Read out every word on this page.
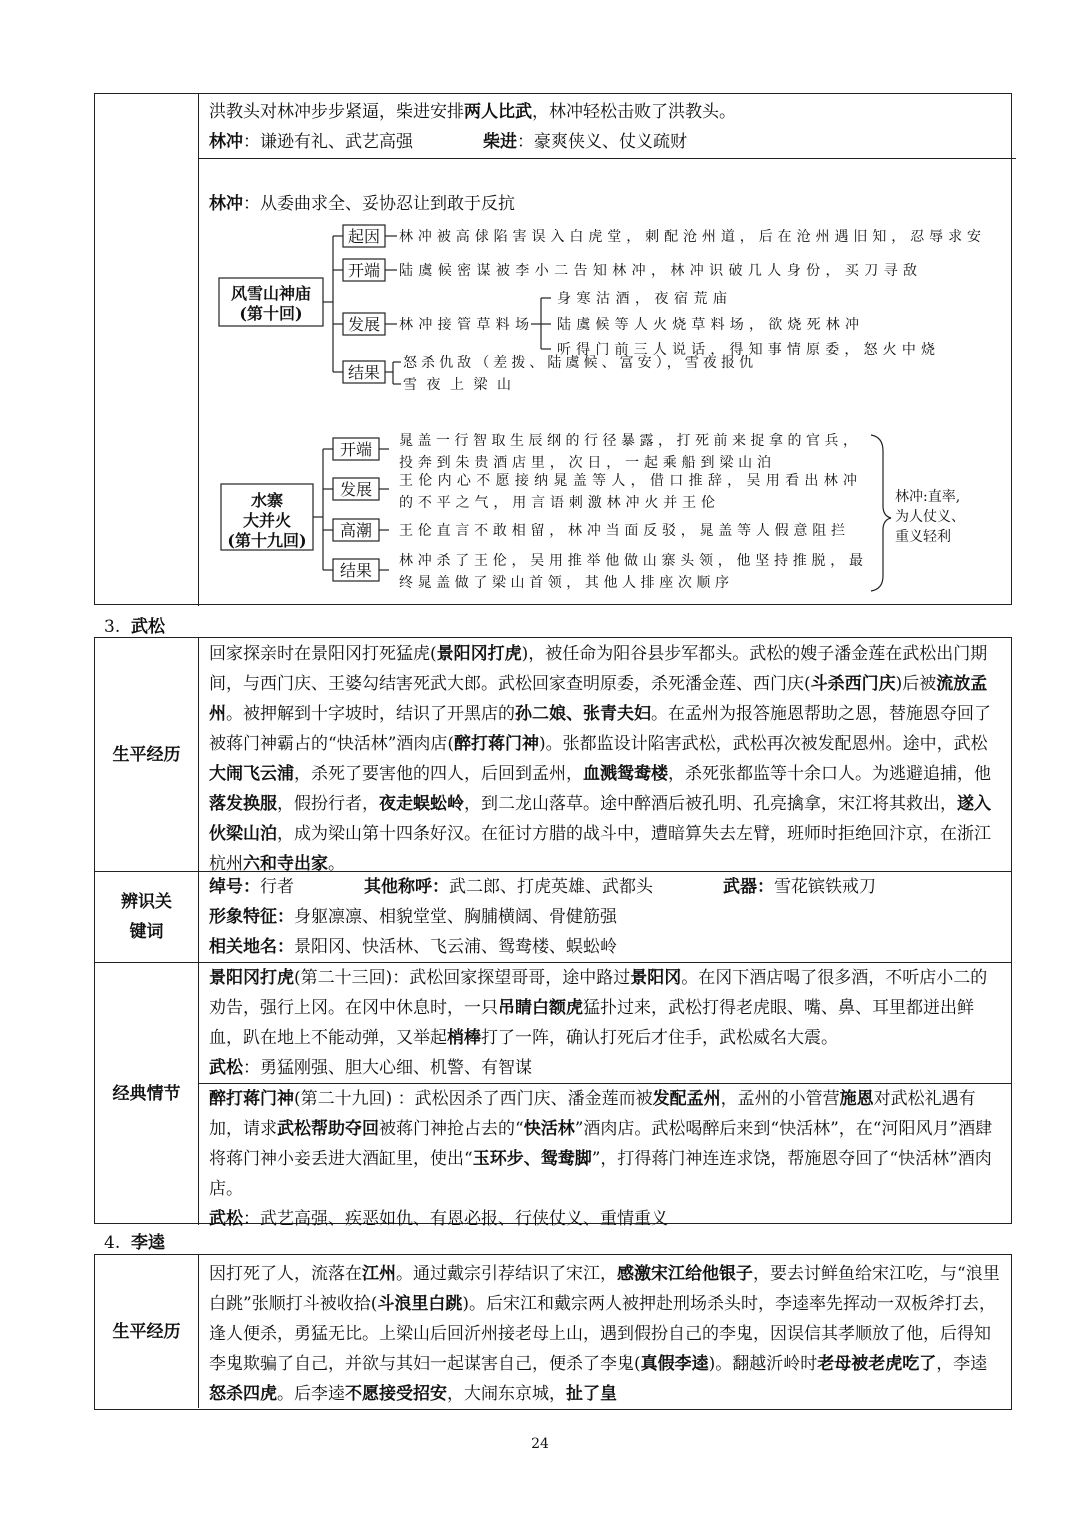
洪教头对林冲步步紧逼，柴进安排两人比武，林冲轻松击败了洪教头。
林冲：谦逊有礼、武艺高强	柴进：豪爽侠义、仗义疏财
林冲：从委曲求全、妥协忍让到敢于反抗
风雪山神庙
(第十回)
起因
开端
发展
结果
林冲被高俅陷害误入白虎堂，刺配沧州道，后在沧州遇旧知，忍辱求安
陆虞候密谋被李小二告知林冲，林冲识破几人身份，买刀寻敌
林冲接管草料场
身寒沽酒，夜宿荒庙
陆虞候等人火烧草料场，欲烧死林冲
听得门前三人说话，得知事情原委，怒火中烧
怒杀仇敌（差拨、陆虞候、富安），雪夜报仇
雪夜上梁山
水寨
大并火
(第十九回)
开端
发展
高潮
结果
晁盖一行智取生辰纲的行径暴露，打死前来捉拿的官兵，
投奔到朱贵酒店里，次日，一起乘船到梁山泊
王伦内心不愿接纳晁盖等人，借口推辞，吴用看出林冲
的不平之气，用言语刺激林冲火并王伦
王伦直言不敢相留，林冲当面反驳，晁盖等人假意阻拦
林冲杀了王伦，吴用推举他做山寨头领，他坚持推脱，最
终晁盖做了梁山首领，其他人排座次顺序
林冲:直率,
为人仗义、
重义轻利
3. 武松
生平经历
回家探亲时在景阳冈打死猛虎(景阳冈打虎)，被任命为阳谷县步军都头。武松的嫂子潘金莲在武松出门期间，与西门庆、王婆勾结害死武大郎。武松回家查明原委，杀死潘金莲、西门庆(斗杀西门庆)后被流放孟州。被押解到十字坡时，结识了开黑店的孙二娘、张青夫妇。在孟州为报答施恩帮助之恩，替施恩夺回了被蒋门神霸占的“快活林”酒肉店(醉打蒋门神)。张都监设计陷害武松，武松再次被发配恩州。途中，武松大闹飞云浦，杀死了要害他的四人，后回到孟州，血溅鸳鸯楼，杀死张都监等十余口人。为逃避追捕，他落发换服，假扮行者，夜走蜈蚣岭，到二龙山落草。途中醉酒后被孔明、孔亮擒拿，宋江将其救出，遂入伙梁山泊，成为梁山第十四条好汉。在征讨方腊的战斗中，遭暗算失去左臂，班师时拒绝回汴京，在浙江杭州六和寺出家。
辨识关
键词
绰号：行者	其他称呼：武二郎、打虎英雄、武都头	武器：雪花镔铁戒刀
形象特征：身躯凛凛、相貌堂堂、胸脯横阔、骨健筋强
相关地名：景阳冈、快活林、飞云浦、鸳鸯楼、蜈蚣岭
经典情节
景阳冈打虎(第二十三回)：武松回家探望哥哥，途中路过景阳冈。在冈下酒店喝了很多酒，不听店小二的劝告，强行上冈。在冈中休息时，一只吊睛白额虎猛扑过来，武松打得老虎眼、嘴、鼻、耳里都迸出鲜血，趴在地上不能动弹，又举起梢棒打了一阵，确认打死后才住手，武松威名大震。
武松：勇猛刚强、胆大心细、机警、有智谋
醉打蒋门神(第二十九回) ：武松因杀了西门庆、潘金莲而被发配孟州，孟州的小管营施恩对武松礼遇有加，请求武松帮助夺回被蒋门神抢占去的“快活林”酒肉店。武松喝醉后来到“快活林”，在“河阳风月”酒肆将蒋门神小妾丢进大酒缸里，使出“玉环步、鸳鸯脚”，打得蒋门神连连求饶，帮施恩夺回了“快活林”酒肉店。
武松：武艺高强、疾恶如仇、有恩必报、行侠仗义、重情重义
4. 李逵
生平经历
因打死了人，流落在江州。通过戴宗引荐结识了宋江，感激宋江给他银子，要去讨鲜鱼给宋江吃，与“浪里白跳”张顺打斗被收拾(斗浪里白跳)。后宋江和戴宗两人被押赴刑场杀头时，李逵率先挥动一双板斧打去，逢人便杀，勇猛无比。上梁山后回沂州接老母上山，遇到假扮自己的李鬼，因误信其孝顺放了他，后得知李鬼欺骗了自己，并欲与其妇一起谋害自己，便杀了李鬼(真假李逵)。翻越沂岭时老母被老虎吃了，李逵怒杀四虎。后李逵不愿接受招安，大闹东京城，扯了皇
24
